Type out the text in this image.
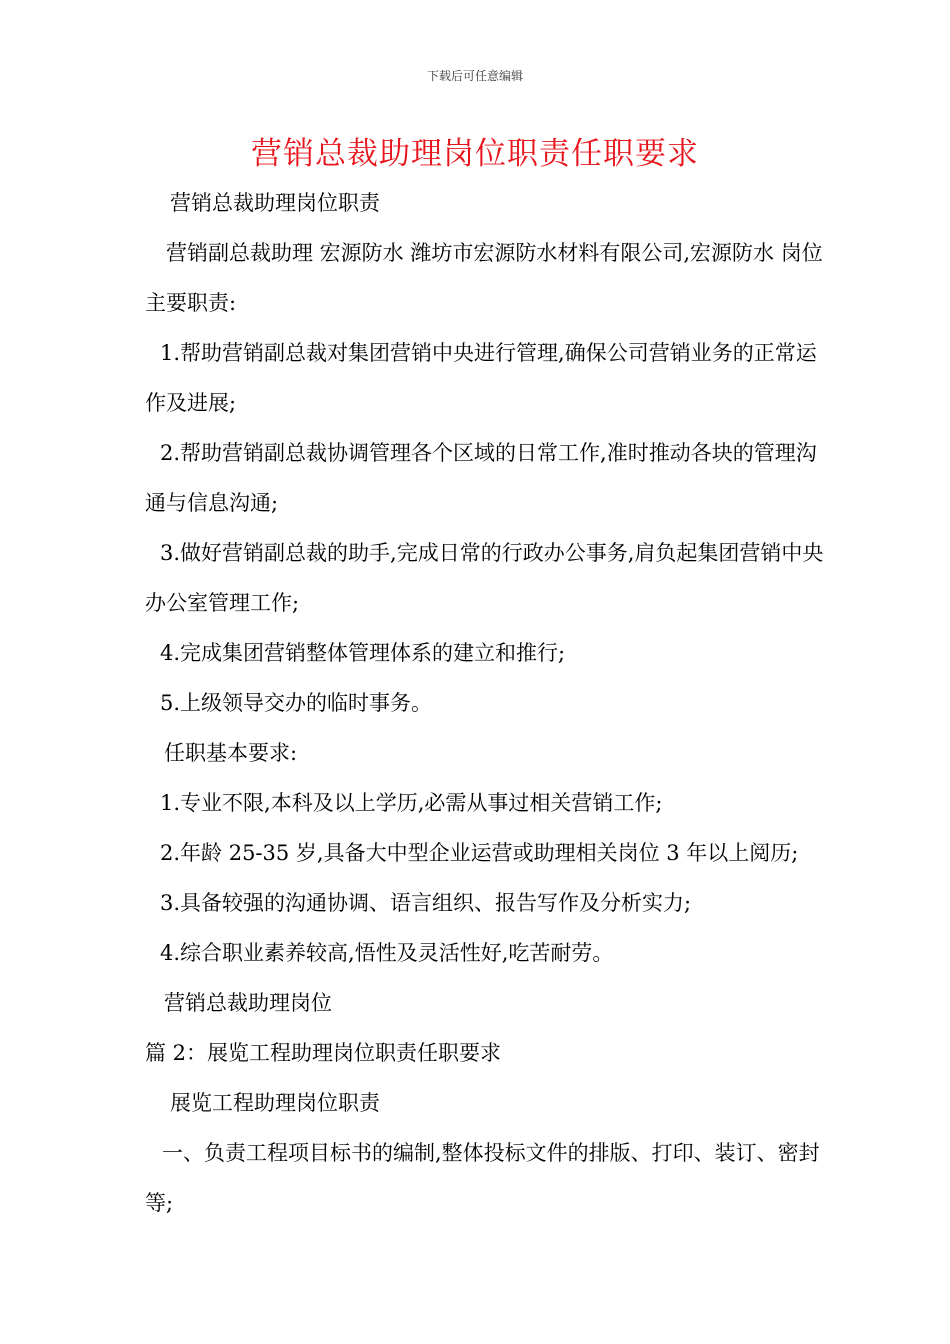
下载后可任意编辑
营销总裁助理岗位职责任职要求

营销总裁助理岗位职责

营销副总裁助理 宏源防水 潍坊市宏源防水材料有限公司,宏源防水 岗位主要职责:

1.帮助营销副总裁对集团营销中央进行管理,确保公司营销业务的正常运作及进展;

2.帮助营销副总裁协调管理各个区域的日常工作,准时推动各块的管理沟通与信息沟通;

3.做好营销副总裁的助手,完成日常的行政办公事务,肩负起集团营销中央办公室管理工作;

4.完成集团营销整体管理体系的建立和推行;

5.上级领导交办的临时事务。

任职基本要求:

1.专业不限,本科及以上学历,必需从事过相关营销工作;

2.年龄 25-35 岁,具备大中型企业运营或助理相关岗位 3 年以上阅历;

3.具备较强的沟通协调、语言组织、报告写作及分析实力;

4.综合职业素养较高,悟性及灵活性好,吃苦耐劳。

营销总裁助理岗位

篇 2：展览工程助理岗位职责任职要求

展览工程助理岗位职责

一、负责工程项目标书的编制,整体投标文件的排版、打印、装订、密封等;
